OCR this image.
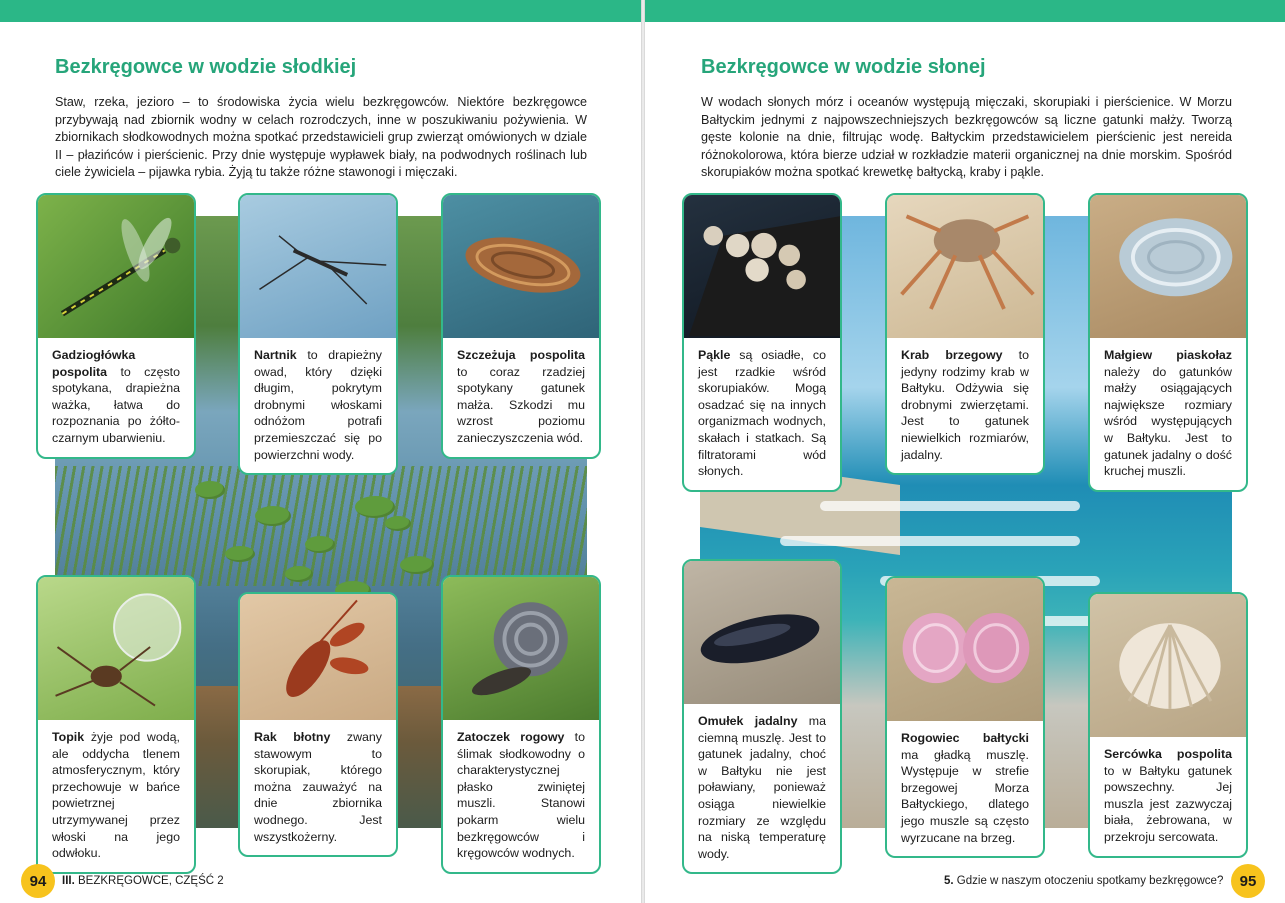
Bezkręgowce w wodzie słodkiej

Staw, rzeka, jezioro – to środowiska życia wielu bezkręgowców. Niektóre bezkręgowce przybywają nad zbiornik wodny w celach rozrodczych, inne w poszukiwaniu pożywienia. W zbiornikach słodkowodnych można spotkać przedstawicieli grup zwierząt omówionych w dziale II – płazińców i pierścienic. Przy dnie występuje wypławek biały, na podwodnych roślinach lub ciele żywiciela – pijawka rybia. Żyją tu także różne stawonogi i mięczaki.

Gadziogłówka pospolita to często spotykana, drapieżna ważka, łatwa do rozpoznania po żółto-czarnym ubarwieniu.
Nartnik to drapieżny owad, który dzięki długim, pokrytym drobnymi włoskami odnóżom potrafi przemieszczać się po powierzchni wody.
Szczeżuja pospolita to coraz rzadziej spotykany gatunek małża. Szkodzi mu wzrost poziomu zanieczyszczenia wód.
Topik żyje pod wodą, ale oddycha tlenem atmosferycznym, który przechowuje w bańce powietrznej utrzymywanej przez włoski na jego odwłoku.
Rak błotny zwany stawowym to skorupiak, którego można zauważyć na dnie zbiornika wodnego. Jest wszystkożerny.
Zatoczek rogowy to ślimak słodkowodny o charakterystycznej płasko zwiniętej muszli. Stanowi pokarm wielu bezkręgowców i kręgowców wodnych.
94	III. BEZKRĘGOWCE, CZĘŚĆ 2
Bezkręgowce w wodzie słonej

W wodach słonych mórz i oceanów występują mięczaki, skorupiaki i pierścienice. W Morzu Bałtyckim jednymi z najpowszechniejszych bezkręgowców są liczne gatunki małży. Tworzą gęste kolonie na dnie, filtrując wodę. Bałtyckim przedstawicielem pierścienic jest nereida różnokolorowa, która bierze udział w rozkładzie materii organicznej na dnie morskim. Spośród skorupiaków można spotkać krewetkę bałtycką, kraby i pąkle.

Pąkle są osiadłe, co jest rzadkie wśród skorupiaków. Mogą osadzać się na innych organizmach wodnych, skałach i statkach. Są filtratorami wód słonych.
Krab brzegowy to jedyny rodzimy krab w Bałtyku. Odżywia się drobnymi zwierzętami. Jest to gatunek niewielkich rozmiarów, jadalny.
Małgiew piaskołaz należy do gatunków małży osiągających największe rozmiary wśród występujących w Bałtyku. Jest to gatunek jadalny o dość kruchej muszli.
Omułek jadalny ma ciemną muszlę. Jest to gatunek jadalny, choć w Bałtyku nie jest poławiany, ponieważ osiąga niewielkie rozmiary ze względu na niską temperaturę wody.
Rogowiec bałtycki ma gładką muszlę. Występuje w strefie brzegowej Morza Bałtyckiego, dlatego jego muszle są często wyrzucane na brzeg.
Sercówka pospolita to w Bałtyku gatunek powszechny. Jej muszla jest zazwyczaj biała, żebrowana, w przekroju sercowata.
5. Gdzie w naszym otoczeniu spotkamy bezkręgowce?	95
